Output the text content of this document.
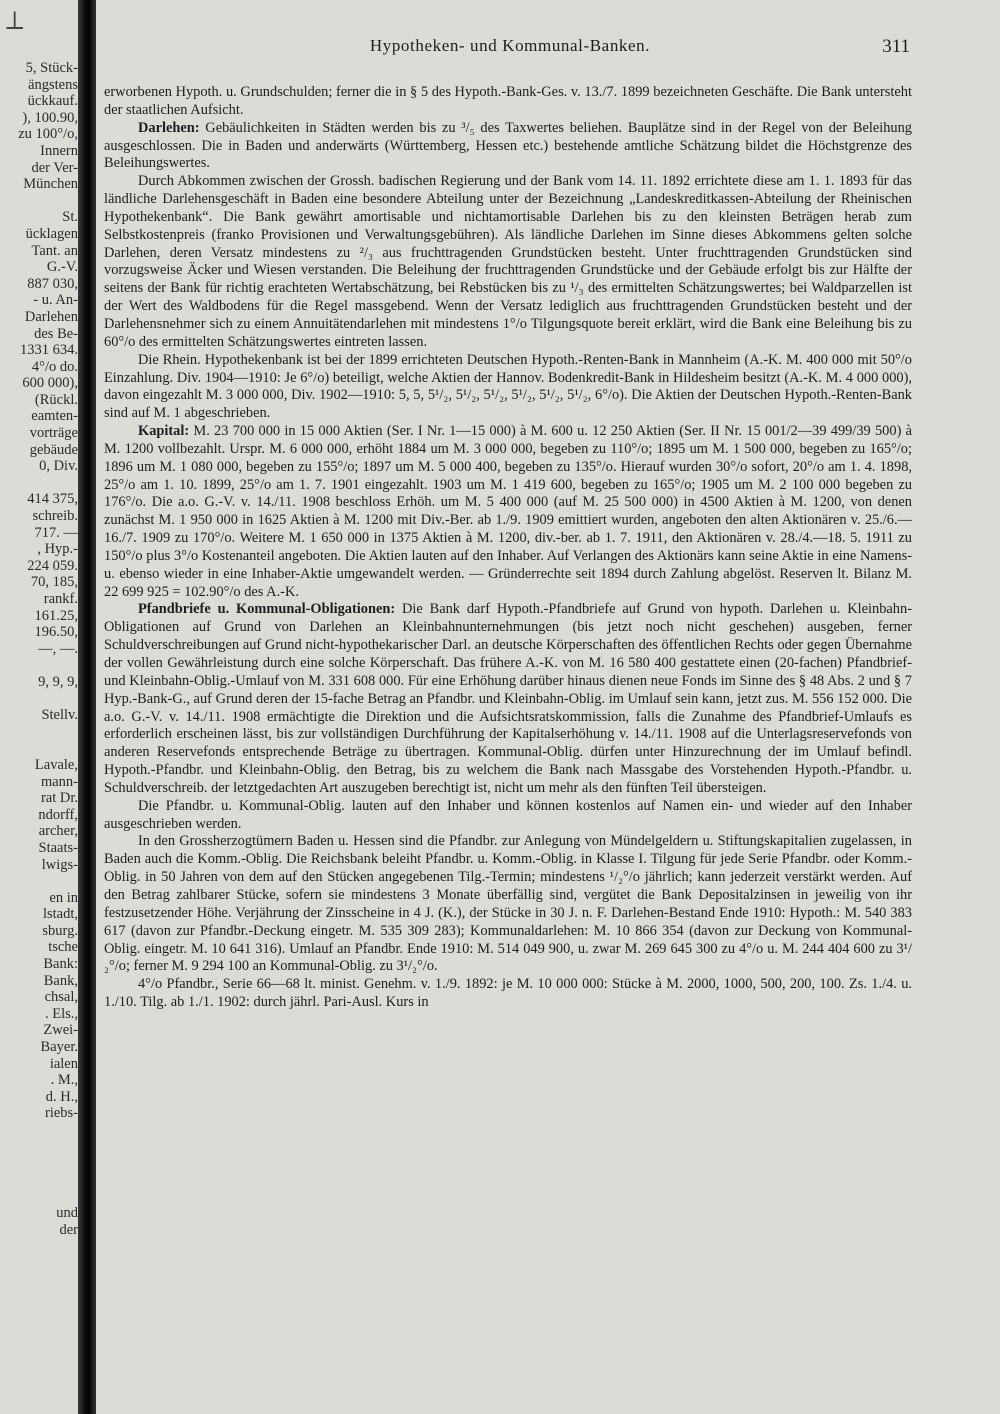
⟂
5, Stück-
ängstens
ückkauf.
), 100.90,
zu 100°/o,
Innern
der Ver-
München

St.
ücklagen
Tant. an
G.-V.
887 030,
- u. An-
Darlehen
des Be-
1331 634.
4°/o do.
600 000),
(Rückl.
eamten-
vorträge
gebäude
0, Div.

414 375,
schreib.
717. —
, Hyp.-
224 059.
70, 185,
rankf.
161.25,
196.50,
—, —.

9, 9, 9,

Stellv.

Lavale,
mann-
rat Dr.
ndorff,
archer,
Staats-
lwigs-

en in
lstadt,
sburg.
tsche
Bank:
Bank,
chsal,
. Els.,
Zwei-
Bayer.
ialen
. M.,
d. H.,
riebs-

und
der
Hypotheken- und Kommunal-Banken.	311

erworbenen Hypoth. u. Grundschulden; ferner die in § 5 des Hypoth.-Bank-Ges. v. 13./7. 1899 bezeichneten Geschäfte. Die Bank untersteht der staatlichen Aufsicht.

Darlehen: Gebäulichkeiten in Städten werden bis zu ³/₅ des Taxwertes beliehen. Bauplätze sind in der Regel von der Beleihung ausgeschlossen. Die in Baden und anderwärts (Württemberg, Hessen etc.) bestehende amtliche Schätzung bildet die Höchstgrenze des Beleihungswertes.

Durch Abkommen zwischen der Grossh. badischen Regierung und der Bank vom 14. 11. 1892 errichtete diese am 1. 1. 1893 für das ländliche Darlehensgeschäft in Baden eine besondere Abteilung unter der Bezeichnung „Landeskreditkassen-Abteilung der Rheinischen Hypothekenbank“. Die Bank gewährt amortisable und nichtamortisable Darlehen bis zu den kleinsten Beträgen herab zum Selbstkostenpreis (franko Provisionen und Verwaltungsgebühren). Als ländliche Darlehen im Sinne dieses Abkommens gelten solche Darlehen, deren Versatz mindestens zu ²/₃ aus fruchttragenden Grundstücken besteht. Unter fruchttragenden Grundstücken sind vorzugsweise Äcker und Wiesen verstanden. Die Beleihung der fruchttragenden Grundstücke und der Gebäude erfolgt bis zur Hälfte der seitens der Bank für richtig erachteten Wertabschätzung, bei Rebstücken bis zu ¹/₃ des ermittelten Schätzungswertes; bei Waldparzellen ist der Wert des Waldbodens für die Regel massgebend. Wenn der Versatz lediglich aus fruchttragenden Grundstücken besteht und der Darlehensnehmer sich zu einem Annuitätendarlehen mit mindestens 1°/o Tilgungsquote bereit erklärt, wird die Bank eine Beleihung bis zu 60°/o des ermittelten Schätzungswertes eintreten lassen.

Die Rhein. Hypothekenbank ist bei der 1899 errichteten Deutschen Hypoth.-Renten-Bank in Mannheim (A.-K. M. 400 000 mit 50°/o Einzahlung. Div. 1904—1910: Je 6°/o) beteiligt, welche Aktien der Hannov. Bodenkredit-Bank in Hildesheim besitzt (A.-K. M. 4 000 000), davon eingezahlt M. 3 000 000, Div. 1902—1910: 5, 5, 5¹/₂, 5¹/₂, 5¹/₂, 5¹/₂, 5¹/₂, 5¹/₂, 6°/o). Die Aktien der Deutschen Hypoth.-Renten-Bank sind auf M. 1 abgeschrieben.

Kapital: M. 23 700 000 in 15 000 Aktien (Ser. I Nr. 1—15 000) à M. 600 u. 12 250 Aktien (Ser. II Nr. 15 001/2—39 499/39 500) à M. 1200 vollbezahlt. Urspr. M. 6 000 000, erhöht 1884 um M. 3 000 000, begeben zu 110°/o; 1895 um M. 1 500 000, begeben zu 165°/o; 1896 um M. 1 080 000, begeben zu 155°/o; 1897 um M. 5 000 400, begeben zu 135°/o. Hierauf wurden 30°/o sofort, 20°/o am 1. 4. 1898, 25°/o am 1. 10. 1899, 25°/o am 1. 7. 1901 eingezahlt. 1903 um M. 1 419 600, begeben zu 165°/o; 1905 um M. 2 100 000 begeben zu 176°/o. Die a.o. G.-V. v. 14./11. 1908 beschloss Erhöh. um M. 5 400 000 (auf M. 25 500 000) in 4500 Aktien à M. 1200, von denen zunächst M. 1 950 000 in 1625 Aktien à M. 1200 mit Div.-Ber. ab 1./9. 1909 emittiert wurden, angeboten den alten Aktionären v. 25./6.—16./7. 1909 zu 170°/o. Weitere M. 1 650 000 in 1375 Aktien à M. 1200, div.-ber. ab 1. 7. 1911, den Aktionären v. 28./4.—18. 5. 1911 zu 150°/o plus 3°/o Kostenanteil angeboten. Die Aktien lauten auf den Inhaber. Auf Verlangen des Aktionärs kann seine Aktie in eine Namens- u. ebenso wieder in eine Inhaber-Aktie umgewandelt werden. — Gründerrechte seit 1894 durch Zahlung abgelöst. Reserven lt. Bilanz M. 22 699 925 = 102.90°/o des A.-K.

Pfandbriefe u. Kommunal-Obligationen: Die Bank darf Hypoth.-Pfandbriefe auf Grund von hypoth. Darlehen u. Kleinbahn-Obligationen auf Grund von Darlehen an Kleinbahnunternehmungen (bis jetzt noch nicht geschehen) ausgeben, ferner Schuldverschreibungen auf Grund nicht-hypothekarischer Darl. an deutsche Körperschaften des öffentlichen Rechts oder gegen Übernahme der vollen Gewährleistung durch eine solche Körperschaft. Das frühere A.-K. von M. 16 580 400 gestattete einen (20-fachen) Pfandbrief- und Kleinbahn-Oblig.-Umlauf von M. 331 608 000. Für eine Erhöhung darüber hinaus dienen neue Fonds im Sinne des § 48 Abs. 2 und § 7 Hyp.-Bank-G., auf Grund deren der 15-fache Betrag an Pfandbr. und Kleinbahn-Oblig. im Umlauf sein kann, jetzt zus. M. 556 152 000. Die a.o. G.-V. v. 14./11. 1908 ermächtigte die Direktion und die Aufsichtsratskommission, falls die Zunahme des Pfandbrief-Umlaufs es erforderlich erscheinen lässt, bis zur vollständigen Durchführung der Kapitalserhöhung v. 14./11. 1908 auf die Unterlagsreservefonds von anderen Reservefonds entsprechende Beträge zu übertragen. Kommunal-Oblig. dürfen unter Hinzurechnung der im Umlauf befindl. Hypoth.-Pfandbr. und Kleinbahn-Oblig. den Betrag, bis zu welchem die Bank nach Massgabe des Vorstehenden Hypoth.-Pfandbr. u. Schuldverschreib. der letztgedachten Art auszugeben berechtigt ist, nicht um mehr als den fünften Teil übersteigen.

Die Pfandbr. u. Kommunal-Oblig. lauten auf den Inhaber und können kostenlos auf Namen ein- und wieder auf den Inhaber ausgeschrieben werden.

In den Grossherzogtümern Baden u. Hessen sind die Pfandbr. zur Anlegung von Mündelgeldern u. Stiftungskapitalien zugelassen, in Baden auch die Komm.-Oblig. Die Reichsbank beleiht Pfandbr. u. Komm.-Oblig. in Klasse I. Tilgung für jede Serie Pfandbr. oder Komm.-Oblig. in 50 Jahren von dem auf den Stücken angegebenen Tilg.-Termin; mindestens ¹/₂°/o jährlich; kann jederzeit verstärkt werden. Auf den Betrag zahlbarer Stücke, sofern sie mindestens 3 Monate überfällig sind, vergütet die Bank Depositalzinsen in jeweilig von ihr festzusetzender Höhe. Verjährung der Zinsscheine in 4 J. (K.), der Stücke in 30 J. n. F. Darlehen-Bestand Ende 1910: Hypoth.: M. 540 383 617 (davon zur Pfandbr.-Deckung eingetr. M. 535 309 283); Kommunaldarlehen: M. 10 866 354 (davon zur Deckung von Kommunal-Oblig. eingetr. M. 10 641 316). Umlauf an Pfandbr. Ende 1910: M. 514 049 900, u. zwar M. 269 645 300 zu 4°/o u. M. 244 404 600 zu 3¹/₂°/o; ferner M. 9 294 100 an Kommunal-Oblig. zu 3¹/₂°/o.

4°/o Pfandbr., Serie 66—68 lt. minist. Genehm. v. 1./9. 1892: je M. 10 000 000: Stücke à M. 2000, 1000, 500, 200, 100. Zs. 1./4. u. 1./10. Tilg. ab 1./1. 1902: durch jährl. Pari-Ausl. Kurs in
